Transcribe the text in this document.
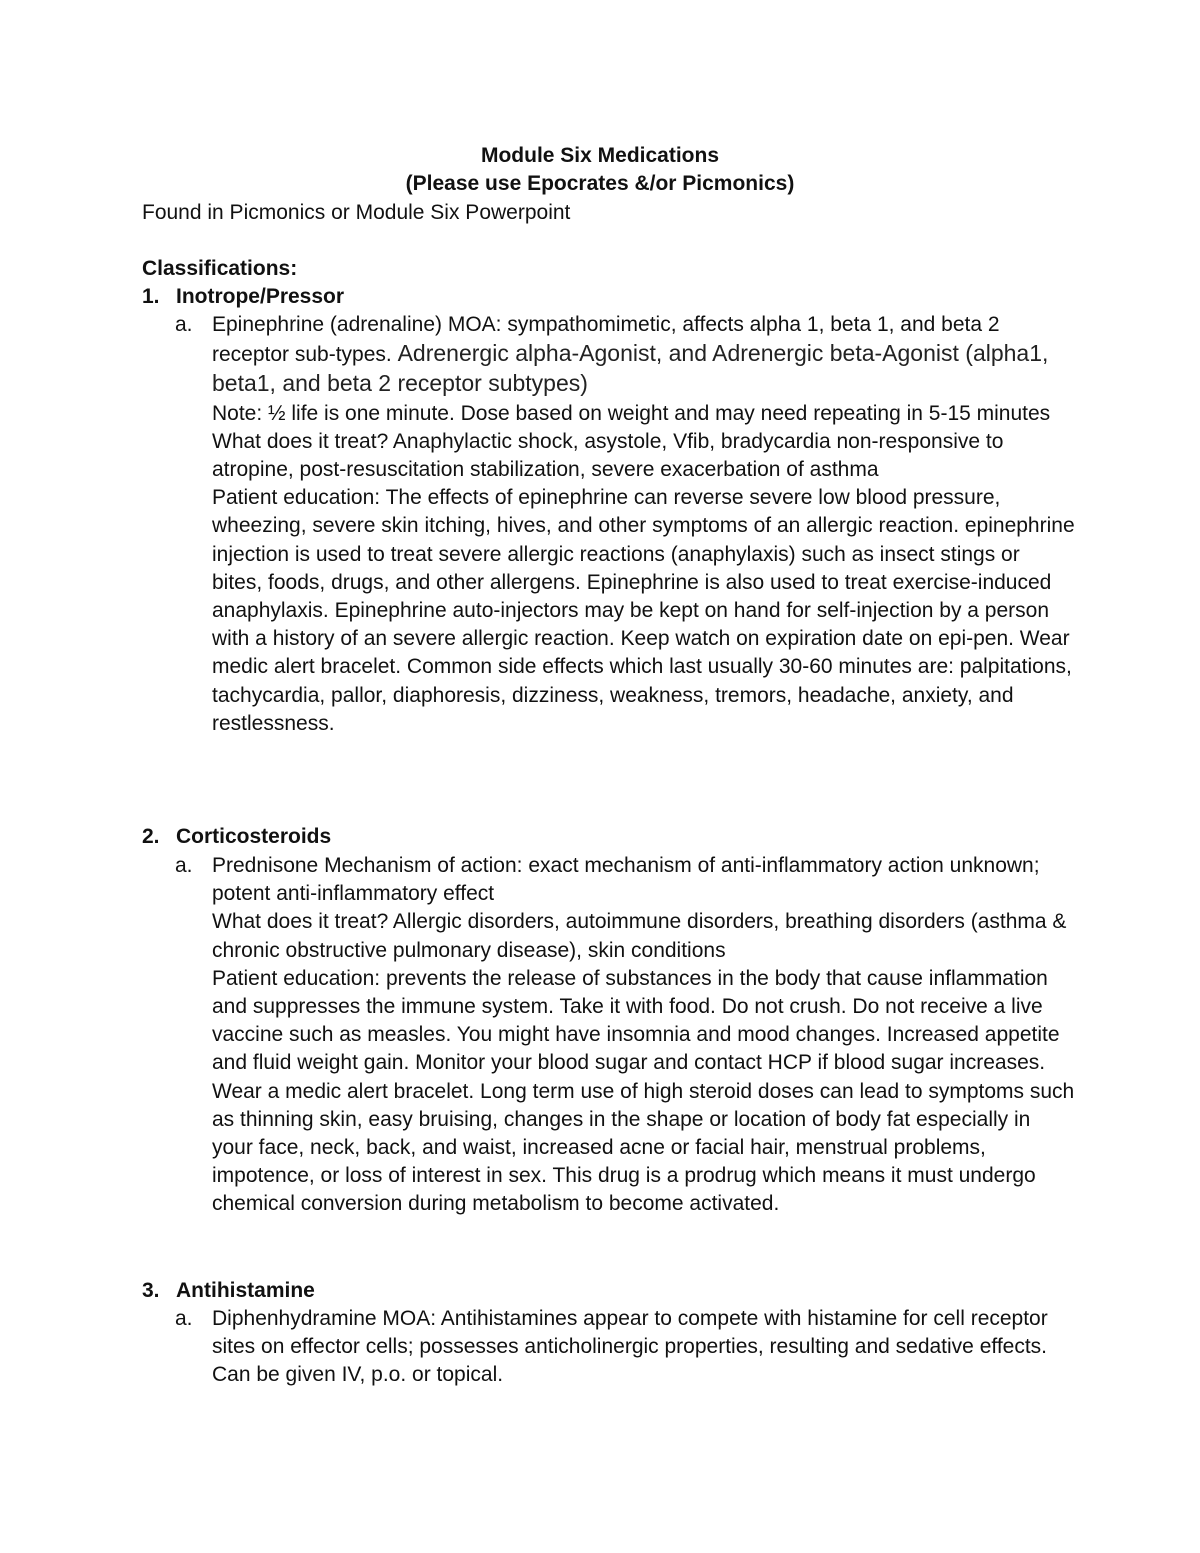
Module Six Medications
(Please use Epocrates &/or Picmonics)
Found in Picmonics or Module Six Powerpoint
Classifications:
1. Inotrope/Pressor
a. Epinephrine (adrenaline) MOA: sympathomimetic, affects alpha 1, beta 1, and beta 2 receptor sub-types. Adrenergic alpha-Agonist, and Adrenergic beta-Agonist (alpha1, beta1, and beta 2 receptor subtypes)

Note: ½ life is one minute. Dose based on weight and may need repeating in 5-15 minutes

What does it treat? Anaphylactic shock, asystole, Vfib, bradycardia non-responsive to atropine, post-resuscitation stabilization, severe exacerbation of asthma

Patient education: The effects of epinephrine can reverse severe low blood pressure, wheezing, severe skin itching, hives, and other symptoms of an allergic reaction. epinephrine injection is used to treat severe allergic reactions (anaphylaxis) such as insect stings or bites, foods, drugs, and other allergens. Epinephrine is also used to treat exercise-induced anaphylaxis. Epinephrine auto-injectors may be kept on hand for self-injection by a person with a history of an severe allergic reaction. Keep watch on expiration date on epi-pen. Wear medic alert bracelet. Common side effects which last usually 30-60 minutes are: palpitations, tachycardia, pallor, diaphoresis, dizziness, weakness, tremors, headache, anxiety, and restlessness.

2. Corticosteroids
a. Prednisone Mechanism of action: exact mechanism of anti-inflammatory action unknown; potent anti-inflammatory effect

What does it treat? Allergic disorders, autoimmune disorders, breathing disorders (asthma & chronic obstructive pulmonary disease), skin conditions

Patient education: prevents the release of substances in the body that cause inflammation and suppresses the immune system. Take it with food. Do not crush. Do not receive a live vaccine such as measles. You might have insomnia and mood changes. Increased appetite and fluid weight gain. Monitor your blood sugar and contact HCP if blood sugar increases. Wear a medic alert bracelet. Long term use of high steroid doses can lead to symptoms such as thinning skin, easy bruising, changes in the shape or location of body fat especially in your face, neck, back, and waist, increased acne or facial hair, menstrual problems, impotence, or loss of interest in sex. This drug is a prodrug which means it must undergo chemical conversion during metabolism to become activated.

3. Antihistamine
a. Diphenhydramine MOA: Antihistamines appear to compete with histamine for cell receptor sites on effector cells; possesses anticholinergic properties, resulting and sedative effects. Can be given IV, p.o. or topical.
